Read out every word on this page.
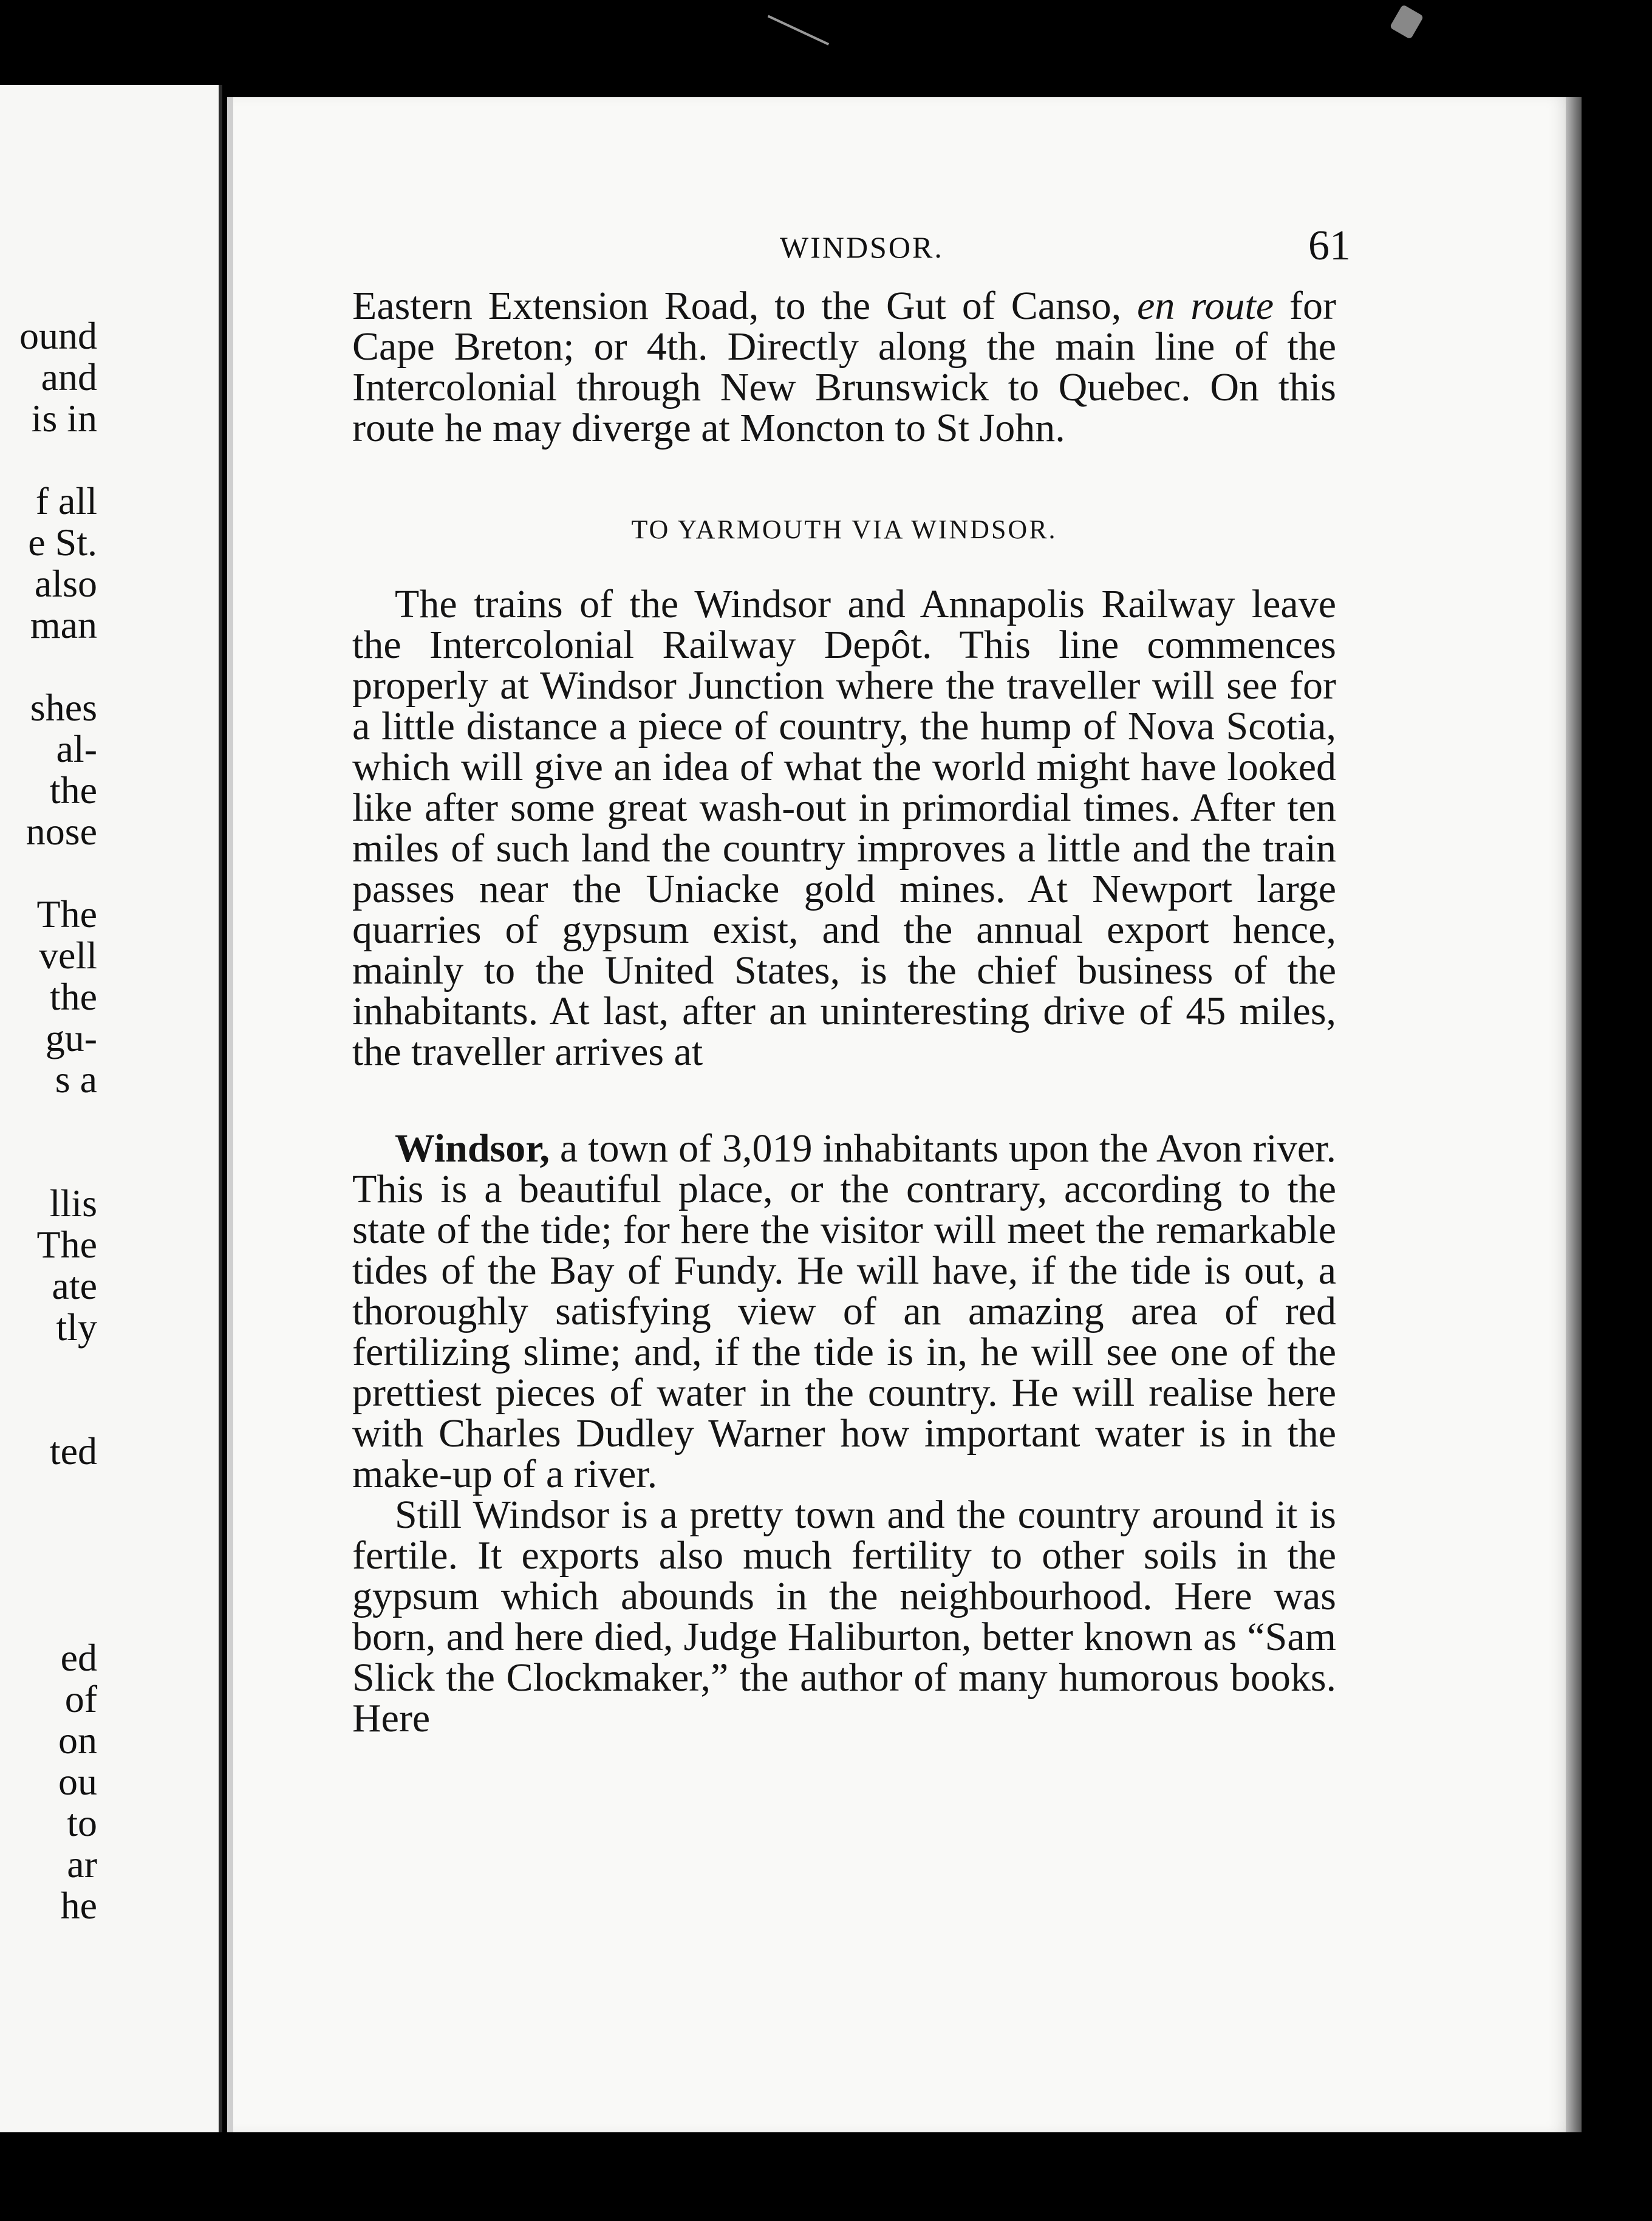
ound
and
is in
f all
e St.
also
man
shes
al-
the
nose
The
vell
the
gu-
s a
llis
The
ate
tly
ted
ed
of
on
ou
to
ar
he
WINDSOR.	61

Eastern Extension Road, to the Gut of Canso, en route for Cape Breton; or 4th. Directly along the main line of the Intercolonial through New Brunswick to Quebec. On this route he may diverge at Moncton to St John.

TO YARMOUTH VIA WINDSOR.

The trains of the Windsor and Annapolis Railway leave the Intercolonial Railway Depôt. This line commences properly at Windsor Junction where the traveller will see for a little distance a piece of country, the hump of Nova Scotia, which will give an idea of what the world might have looked like after some great wash-out in primordial times. After ten miles of such land the country improves a little and the train passes near the Uniacke gold mines. At Newport large quarries of gypsum exist, and the annual export hence, mainly to the United States, is the chief business of the inhabitants. At last, after an uninteresting drive of 45 miles, the traveller arrives at

Windsor, a town of 3,019 inhabitants upon the Avon river. This is a beautiful place, or the contrary, according to the state of the tide; for here the visitor will meet the remarkable tides of the Bay of Fundy. He will have, if the tide is out, a thoroughly satisfying view of an amazing area of red fertilizing slime; and, if the tide is in, he will see one of the prettiest pieces of water in the country. He will realise here with Charles Dudley Warner how important water is in the make-up of a river.

Still Windsor is a pretty town and the country around it is fertile. It exports also much fertility to other soils in the gypsum which abounds in the neighbourhood. Here was born, and here died, Judge Haliburton, better known as “Sam Slick the Clockmaker,” the author of many humorous books. Here
